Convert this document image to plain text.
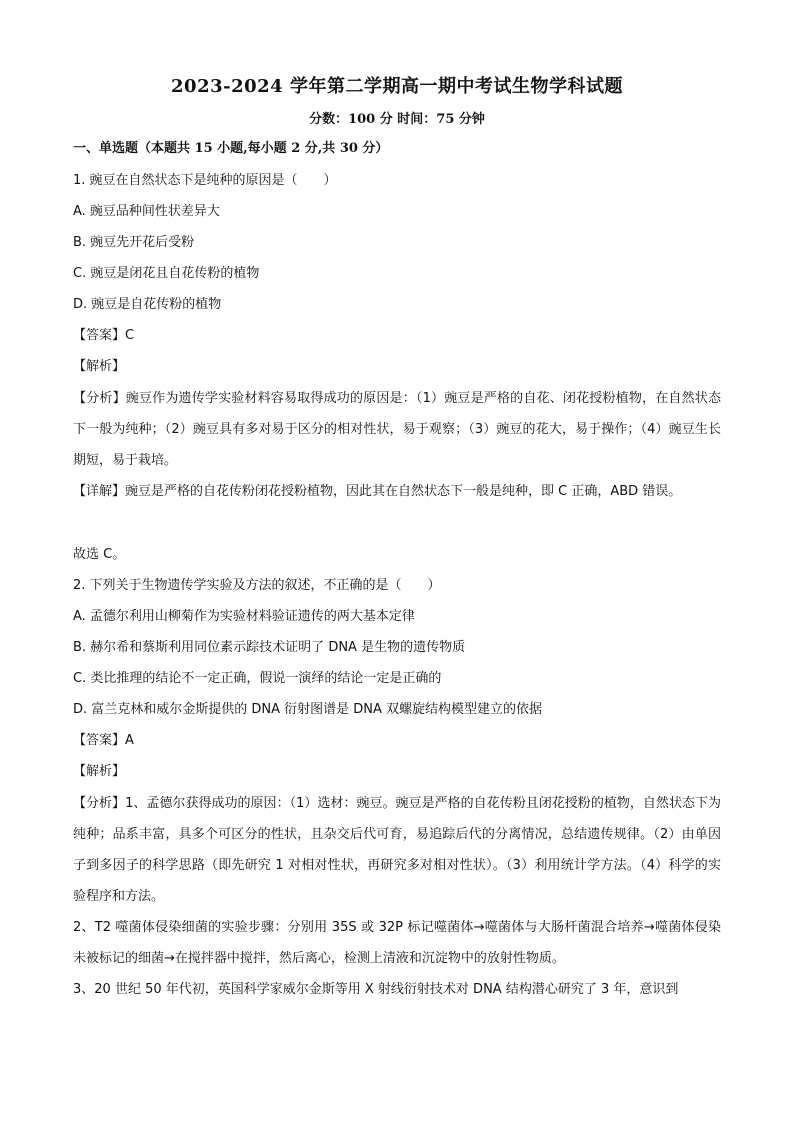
2023-2024 学年第二学期高一期中考试生物学科试题
分数：100 分 时间：75 分钟
一、单选题（本题共 15 小题,每小题 2 分,共 30 分）
1. 豌豆在自然状态下是纯种的原因是（　　）
A. 豌豆品种间性状差异大
B. 豌豆先开花后受粉
C. 豌豆是闭花且自花传粉的植物
D. 豌豆是自花传粉的植物
【答案】C
【解析】
【分析】豌豆作为遗传学实验材料容易取得成功的原因是：（1）豌豆是严格的自花、闭花授粉植物，在自然状态下一般为纯种；（2）豌豆具有多对易于区分的相对性状，易于观察；（3）豌豆的花大，易于操作；（4）豌豆生长期短，易于栽培。
【详解】豌豆是严格的自花传粉闭花授粉植物，因此其在自然状态下一般是纯种，即 C 正确，ABD 错误。
故选 C。
2. 下列关于生物遗传学实验及方法的叙述，不正确的是（　　）
A. 孟德尔利用山柳菊作为实验材料验证遗传的两大基本定律
B. 赫尔希和蔡斯利用同位素示踪技术证明了 DNA 是生物的遗传物质
C. 类比推理的结论不一定正确，假说一演绎的结论一定是正确的
D. 富兰克林和威尔金斯提供的 DNA 衍射图谱是 DNA 双螺旋结构模型建立的依据
【答案】A
【解析】
【分析】1、孟德尔获得成功的原因：（1）选材：豌豆。豌豆是严格的自花传粉且闭花授粉的植物，自然状态下为纯种；品系丰富，具多个可区分的性状，且杂交后代可育，易追踪后代的分离情况，总结遗传规律。（2）由单因子到多因子的科学思路（即先研究 1 对相对性状，再研究多对相对性状）。（3）利用统计学方法。（4）科学的实验程序和方法。
2、T2 噬菌体侵染细菌的实验步骤：分别用 35S 或 32P 标记噬菌体→噬菌体与大肠杆菌混合培养→噬菌体侵染未被标记的细菌→在搅拌器中搅拌，然后离心，检测上清液和沉淀物中的放射性物质。
3、20 世纪 50 年代初，英国科学家威尔金斯等用 X 射线衍射技术对 DNA 结构潜心研究了 3 年，意识到
